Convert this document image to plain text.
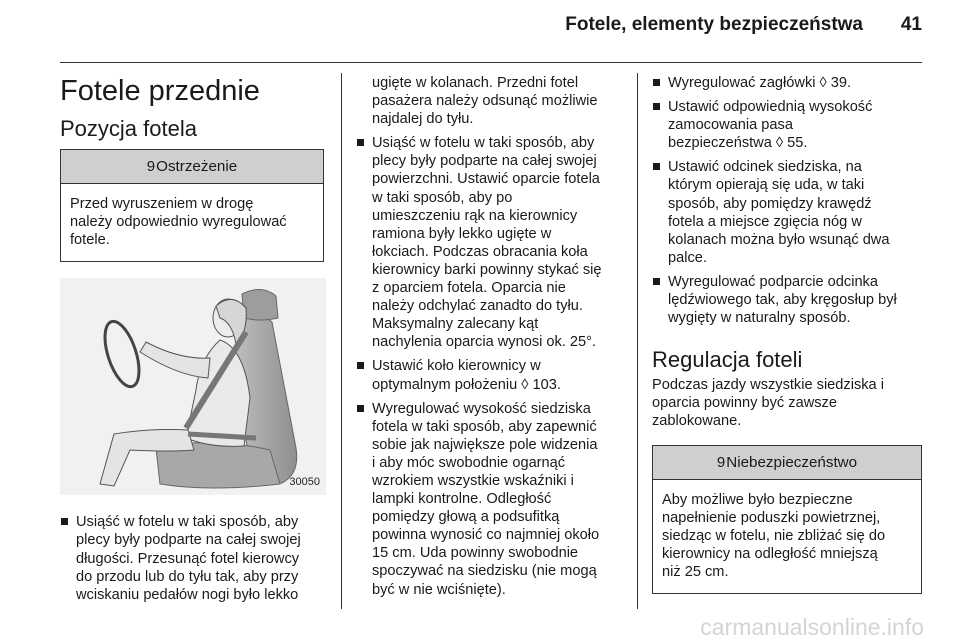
Fotele, elementy bezpieczeństwa 41
Fotele przednie
Pozycja fotela
9Ostrzeżenie

Przed wyruszeniem w drogę

należy odpowiednio wyregulować

fotele.

30050

Usiąść w fotelu w taki sposób, aby

plecy były podparte na całej swojej

długości. Przesunąć fotel kierowcy

do przodu lub do tyłu tak, aby przy

wciskaniu pedałów nogi było lekko

ugięte w kolanach. Przedni fotel

pasażera należy odsunąć możliwie

najdalej do tyłu.

Usiąść w fotelu w taki sposób, aby

plecy były podparte na całej swojej

powierzchni. Ustawić oparcie fotela

w taki sposób, aby po

umieszczeniu rąk na kierownicy

ramiona były lekko ugięte w

łokciach. Podczas obracania koła

kierownicy barki powinny stykać się

z oparciem fotela. Oparcia nie

należy odchylać zanadto do tyłu.

Maksymalny zalecany kąt

nachylenia oparcia wynosi ok. 25°.

Ustawić koło kierownicy w

optymalnym położeniu ◊ 103.

Wyregulować wysokość siedziska

fotela w taki sposób, aby zapewnić

sobie jak największe pole widzenia

i aby móc swobodnie ogarnąć

wzrokiem wszystkie wskaźniki i

lampki kontrolne. Odległość

pomiędzy głową a podsufitką

powinna wynosić co najmniej około

15 cm. Uda powinny swobodnie

spoczywać na siedzisku (nie mogą

być w nie wciśnięte).

Wyregulować zagłówki ◊ 39.

Ustawić odpowiednią wysokość

zamocowania pasa

bezpieczeństwa ◊ 55.

Ustawić odcinek siedziska, na

którym opierają się uda, w taki

sposób, aby pomiędzy krawędź

fotela a miejsce zgięcia nóg w

kolanach można było wsunąć dwa

palce.

Wyregulować podparcie odcinka

lędźwiowego tak, aby kręgosłup był

wygięty w naturalny sposób.

Regulacja foteli

Podczas jazdy wszystkie siedziska i

oparcia powinny być zawsze

zablokowane.

9Niebezpieczeństwo

Aby możliwe było bezpieczne

napełnienie poduszki powietrznej,

siedząc w fotelu, nie zbliżać się do

kierownicy na odległość mniejszą

niż 25 cm.

carmanualsonline.info
